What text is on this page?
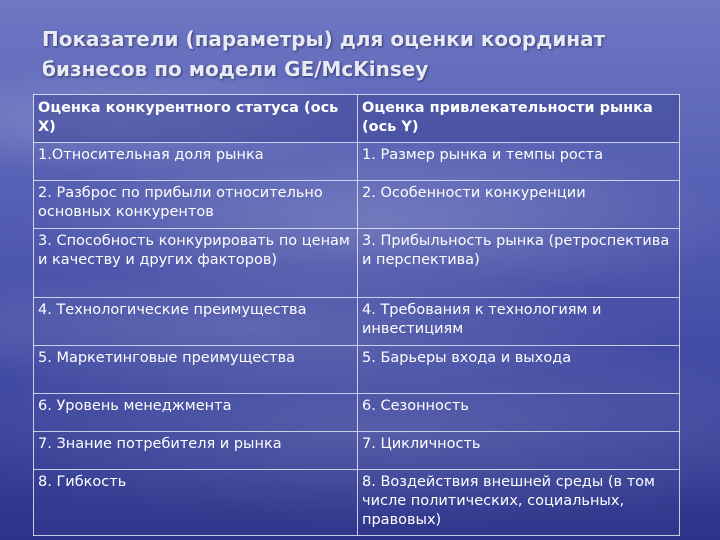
Показатели (параметры) для оценки координат бизнесов по модели GE/McKinsey
Оценка конкурентного статуса (ось X)	Оценка привлекательности рынка (ось Y)
1.Относительная доля рынка	1. Размер рынка и темпы роста
2. Разброс по прибыли относительно основных конкурентов	2. Особенности конкуренции
3. Способность конкурировать по ценам и качеству и других факторов)	3. Прибыльность рынка (ретроспектива и перспектива)
4. Технологические преимущества	4. Требования к технологиям и инвестициям
5. Маркетинговые преимущества	5. Барьеры входа и выхода
6. Уровень менеджмента	6. Сезонность
7. Знание потребителя и рынка	7. Цикличность
8. Гибкость	8. Воздействия внешней среды (в том числе политических, социальных, правовых)
